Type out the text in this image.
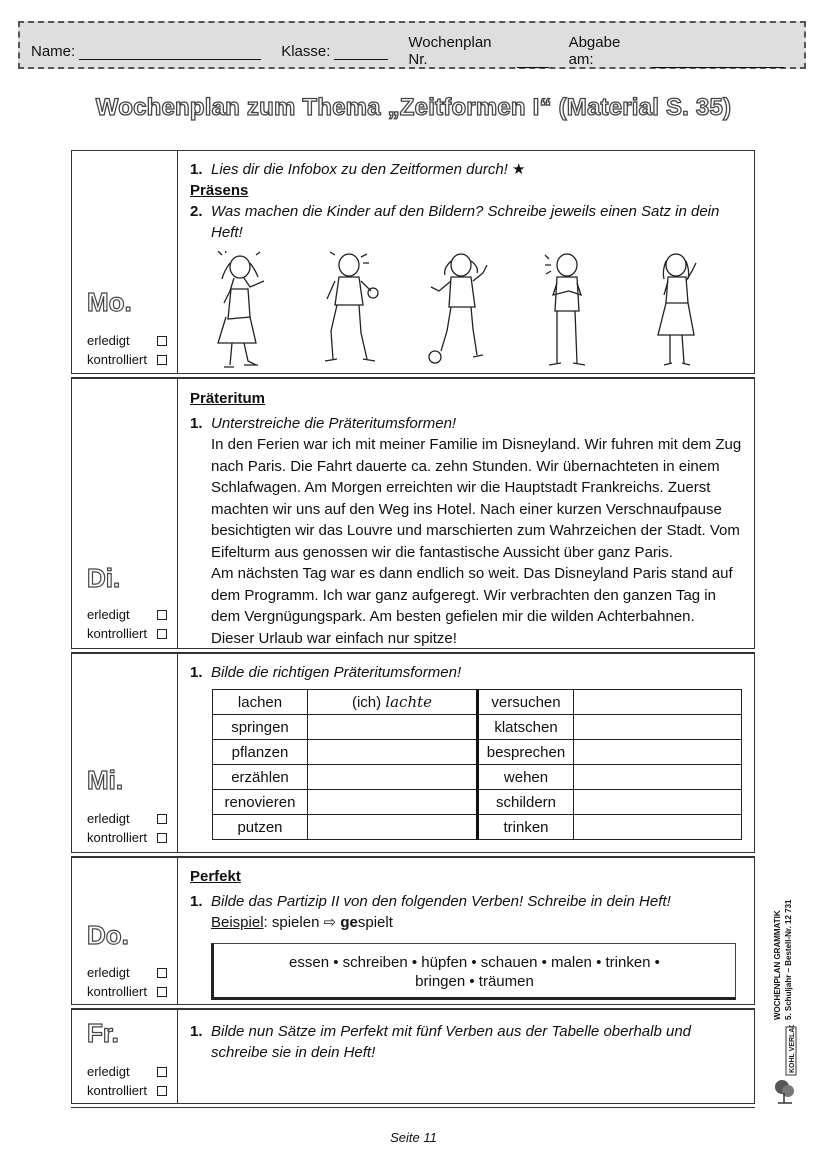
Name:	Klasse:	Wochenplan Nr.
Abgabe am:
Wochenplan zum Thema „Zeitformen I“ (Material S. 35)
Mo.
erledigt
kontrolliert
1. Lies dir die Infobox zu den Zeitformen durch! ★
Präsens
2. Was machen die Kinder auf den Bildern? Schreibe jeweils einen Satz in dein Heft!
Di.
erledigt
kontrolliert
Präteritum
1. Unterstreiche die Präteritumsformen!
In den Ferien war ich mit meiner Familie im Disneyland. Wir fuhren mit dem Zug nach Paris. Die Fahrt dauerte ca. zehn Stunden. Wir übernachteten in einem Schlafwagen. Am Morgen erreichten wir die Hauptstadt Frankreichs. Zuerst machten wir uns auf den Weg ins Hotel. Nach einer kurzen Verschnaufpause besichtigten wir das Louvre und marschierten zum Wahrzeichen der Stadt. Vom Eifelturm aus genossen wir die fantastische Aussicht über ganz Paris.
Am nächsten Tag war es dann endlich so weit. Das Disneyland Paris stand auf dem Programm. Ich war ganz aufgeregt. Wir verbrachten den ganzen Tag in dem Vergnügungspark. Am besten gefielen mir die wilden Achterbahnen.
Dieser Urlaub war einfach nur spitze!
Mi.
erledigt
kontrolliert
1. Bilde die richtigen Präteritumsformen!
lachen	(ich) lachte	versuchen	
springen		klatschen	
pflanzen		besprechen	
erzählen		wehen	
renovieren		schildern	
putzen		trinken	
Do.
erledigt
kontrolliert
Perfekt
1. Bilde das Partizip II von den folgenden Verben! Schreibe in dein Heft!
Beispiel: spielen ⇨ gespielt
essen • schreiben • hüpfen • schauen • malen • trinken •
bringen • träumen
Fr.
erledigt
kontrolliert
1. Bilde nun Sätze im Perfekt mit fünf Verben aus der Tabelle oberhalb und schreibe sie in dein Heft!
WOCHENPLAN GRAMMATIK 5. Schuljahr – Bestell-Nr. 12 731
KOHL VERLAG
Seite 11
